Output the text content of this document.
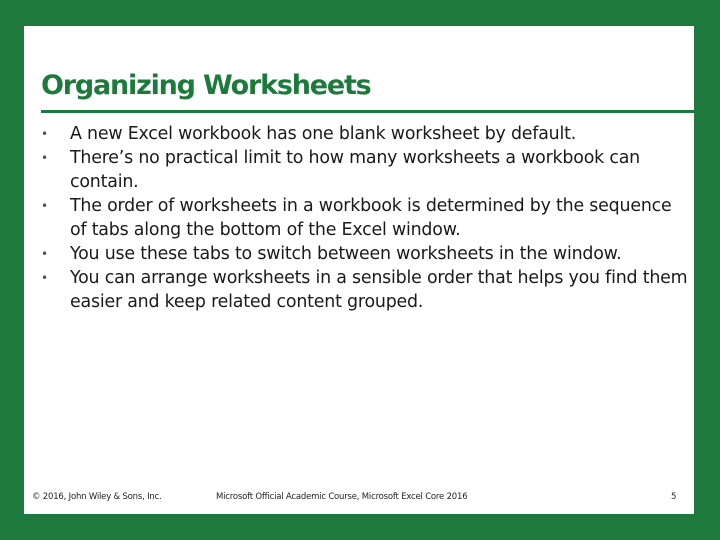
Organizing Worksheets
• A new Excel workbook has one blank worksheet by default.
• There’s no practical limit to how many worksheets a workbook can contain.
• The order of worksheets in a workbook is determined by the sequence of tabs along the bottom of the Excel window.
• You use these tabs to switch between worksheets in the window.
• You can arrange worksheets in a sensible order that helps you find them easier and keep related content grouped.
© 2016, John Wiley & Sons, Inc.	Microsoft Official Academic Course, Microsoft Excel Core 2016	5
